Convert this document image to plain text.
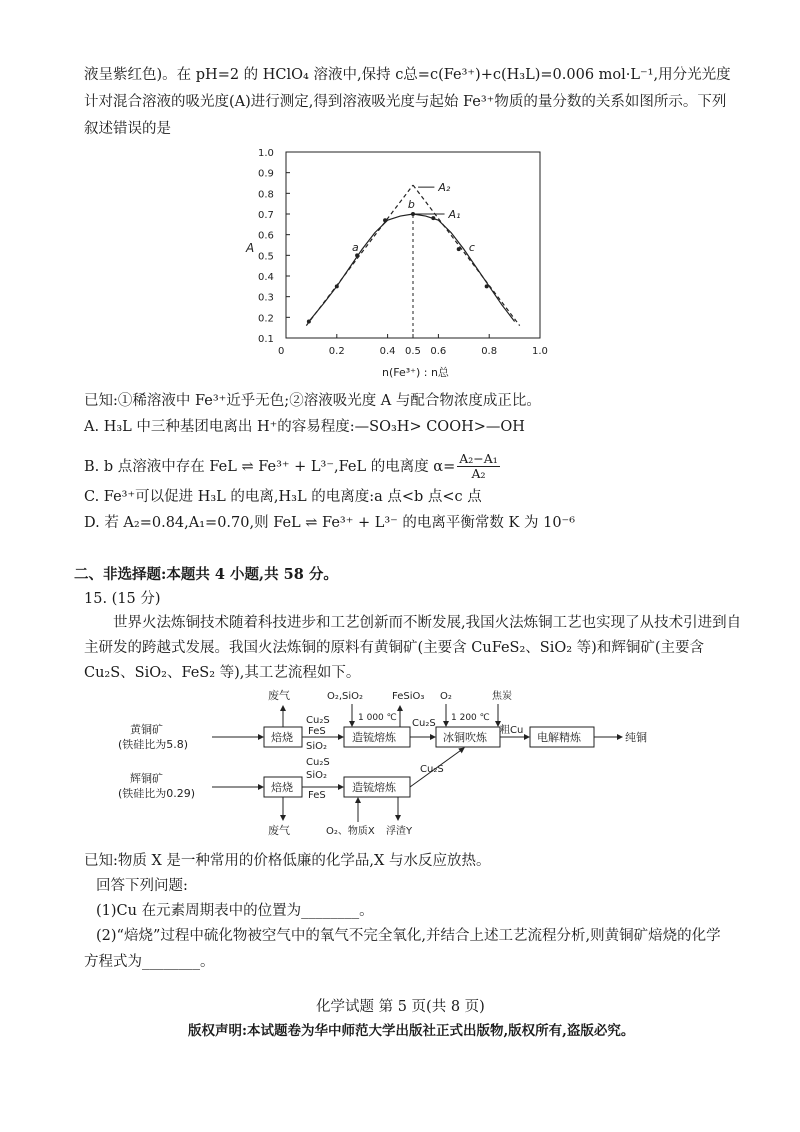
液呈紫红色)。在 pH=2 的 HClO₄ 溶液中,保持 c总=c(Fe³⁺)+c(H₃L)=0.006 mol·L⁻¹,用分光光度
计对混合溶液的吸光度(A)进行测定,得到溶液吸光度与起始 Fe³⁺物质的量分数的关系如图所示。下列
叙述错误的是
0.1
0.2
0.3
0.4
0.5
0.6
0.7
0.8
0.9
1.0
0	0.2	0.4 0.5 0.6	0.8	1.0
a
b
c
A₂
A₁
A
n(Fe³⁺) : n总
已知:①稀溶液中 Fe³⁺近乎无色;②溶液吸光度 A 与配合物浓度成正比。
A. H₃L 中三种基团电离出 H⁺的容易程度:—SO₃H> COOH>—OH
B. b 点溶液中存在 FeL ⇌ Fe³⁺ + L³⁻,FeL 的电离度 $\alpha= \frac{\text{A₂−A₁}}{\text{A₂}}$
C. Fe³⁺可以促进 H₃L 的电离,H₃L 的电离度:a 点<b 点<c 点
D. 若 A₂=0.84,A₁=0.70,则 FeL ⇌ Fe³⁺ + L³⁻ 的电离平衡常数 K 为 10⁻⁶
二、非选择题:本题共 4 小题,共 58 分。
15. (15 分)
世界火法炼铜技术随着科技进步和工艺创新而不断发展,我国火法炼铜工艺也实现了从技术引进到自主研发的跨越式发展。我国火法炼铜的原料有黄铜矿(主要含 CuFeS₂、SiO₂ 等)和辉铜矿(主要含 Cu₂S、SiO₂、FeS₂ 等),其工艺流程如下。
黄铜矿
(铁硅比为5.8)
焙烧
废气
Cu₂S
FeS
SiO₂
造锍熔炼
O₂,SiO₂
1 000 ℃
FeSiO₃
Cu₂S
冰铜吹炼
O₂
1 200 ℃
焦炭
粗Cu
电解精炼	纯铜
辉铜矿
(铁硅比为0.29)	焙烧
废气
Cu₂S
SiO₂
FeS
造锍熔炼
O₂、物质X 浮渣Y
Cu₂S
已知:物质 X 是一种常用的价格低廉的化学品,X 与水反应放热。
回答下列问题:
(1)Cu 在元素周期表中的位置为________。
(2)“焙烧”过程中硫化物被空气中的氧气不完全氧化,并结合上述工艺流程分析,则黄铜矿焙烧的化学
方程式为________。
化学试题 第 5 页(共 8 页)
版权声明:本试题卷为华中师范大学出版社正式出版物,版权所有,盗版必究。
